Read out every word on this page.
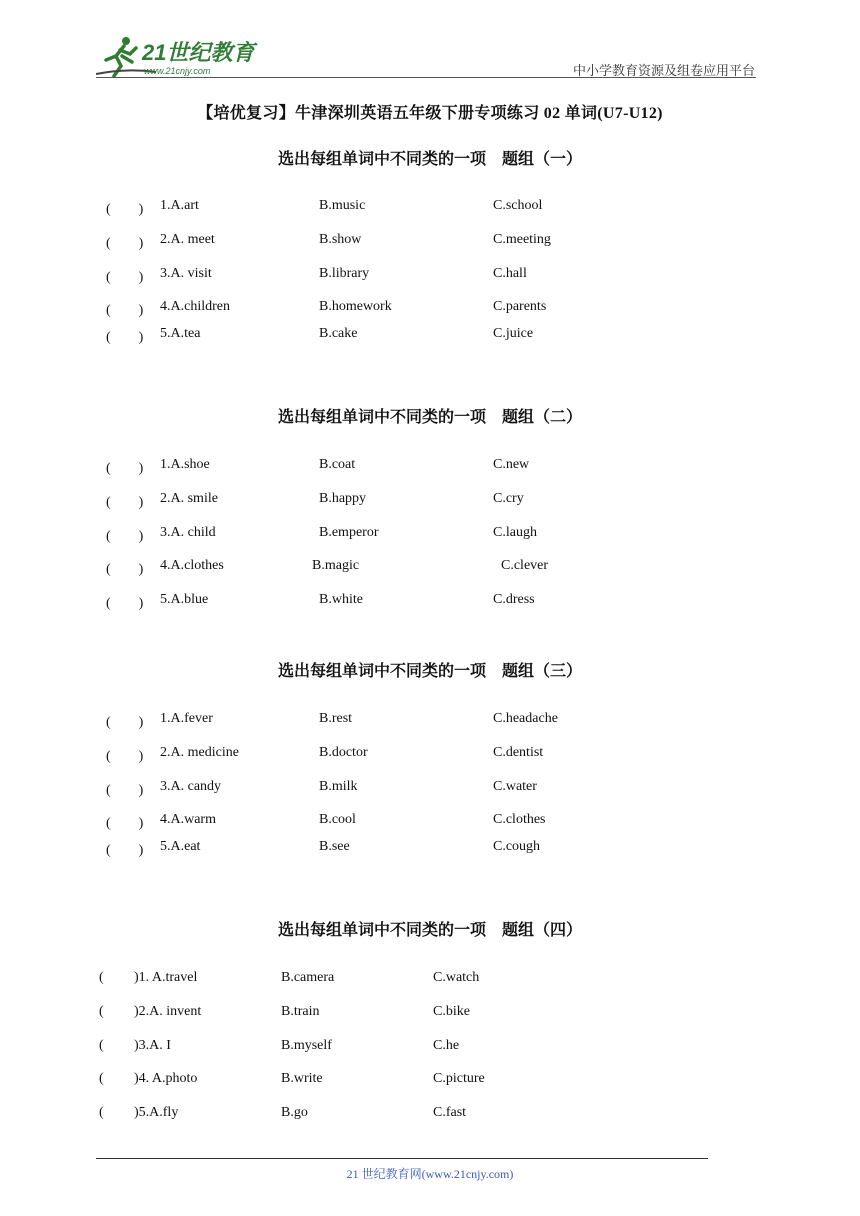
21世纪教育
www.21cnjy.com	中小学教育资源及组卷应用平台
【培优复习】牛津深圳英语五年级下册专项练习 02 单词(U7-U12)
选出每组单词中不同类的一项　题组（一）
(　　) 1.A.art	B.music	C.school
(　　) 2.A. meet	B.show	C.meeting
(　　) 3.A. visit	B.library	C.hall
(　　) 4.A.children	B.homework	C.parents
(　　) 5.A.tea	B.cake	C.juice
选出每组单词中不同类的一项　题组（二）
(　　) 1.A.shoe	B.coat	C.new
(　　) 2.A. smile	B.happy	C.cry
(　　) 3.A. child	B.emperor	C.laugh
(　　) 4.A.clothes	B.magic	C.clever
(　　) 5.A.blue	B.white	C.dress
选出每组单词中不同类的一项　题组（三）
(　　) 1.A.fever	B.rest	C.headache
(　　) 2.A. medicine	B.doctor	C.dentist
(　　) 3.A. candy	B.milk	C.water
(　　) 4.A.warm	B.cool	C.clothes
(　　) 5.A.eat	B.see	C.cough
选出每组单词中不同类的一项　题组（四）
( )1. A.travel	B.camera	C.watch
( )2.A. invent	B.train	C.bike
( )3.A. I	B.myself	C.he
( )4. A.photo	B.write	C.picture
( )5.A.fly	B.go	C.fast
21 世纪教育网(www.21cnjy.com)
